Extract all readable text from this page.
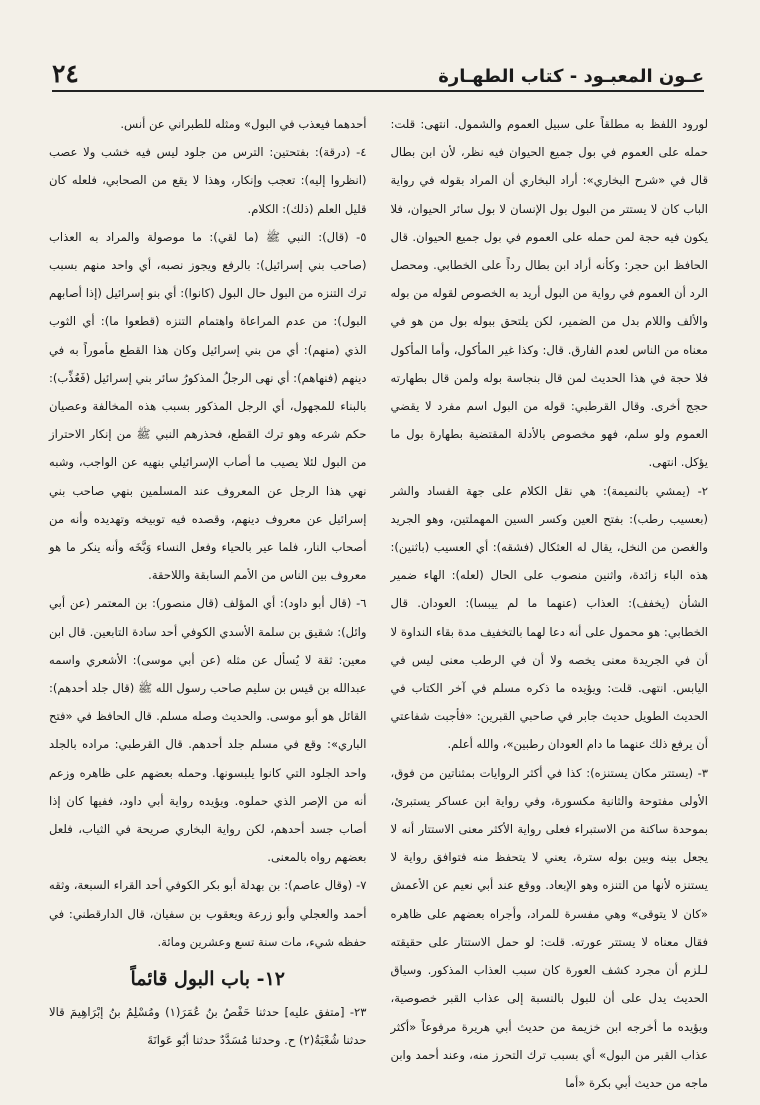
عـون المعبـود - كتاب الطهـارة
٢٤

لورود اللفظ به مطلقاً على سبيل العموم والشمول. انتهى: قلت: حمله على العموم في بول جميع الحيوان فيه نظر، لأن ابن بطال قال في «شرح البخاري»: أراد البخاري أن المراد بقوله في رواية الباب كان لا يستتر من البول بول الإنسان لا بول سائر الحيوان، فلا يكون فيه حجة لمن حمله على العموم في بول جميع الحيوان. قال الحافظ ابن حجر: وكأنه أراد ابن بطال رداً على الخطابي. ومحصل الرد أن العموم في رواية من البول أريد به الخصوص لقوله من بوله والألف واللام بدل من الضمير، لكن يلتحق ببوله بول من هو في معناه من الناس لعدم الفارق. قال: وكذا غير المأكول، وأما المأكول فلا حجة في هذا الحديث لمن قال بنجاسة بوله ولمن قال بطهارته حجج أخرى. وقال القرطبي: قوله من البول اسم مفرد لا يقضي العموم ولو سلم، فهو مخصوص بالأدلة المقتضية بطهارة بول ما يؤكل. انتهى.

٢- (يمشي بالنميمة): هي نقل الكلام على جهة الفساد والشر (بعسيب رطب): بفتح العين وكسر السين المهملتين، وهو الجريد والغصن من النخل، يقال له العثكال (فشقه): أي العسيب (باثنين): هذه الباء زائدة، واثنين منصوب على الحال (لعله): الهاء ضمير الشأن (يخفف): العذاب (عنهما ما لم ييبسا): العودان. قال الخطابي: هو محمول على أنه دعا لهما بالتخفيف مدة بقاء النداوة لا أن في الجريدة معنى يخصه ولا أن في الرطب معنى ليس في اليابس. انتهى. قلت: ويؤيده ما ذكره مسلم في آخر الكتاب في الحديث الطويل حديث جابر في صاحبي القبرين: «فأجبت شفاعتي أن يرفع ذلك عنهما ما دام العودان رطبين»، والله أعلم.

٣- (يستتر مكان يستنزه): كذا في أكثر الروايات بمثناتين من فوق، الأولى مفتوحة والثانية مكسورة، وفي رواية ابن عساكر يستبرئ، بموحدة ساكنة من الاستبراء فعلى رواية الأكثر معنى الاستتار أنه لا يجعل بينه وبين بوله سترة، يعني لا يتحفظ منه فتوافق رواية لا يستنزه لأنها من التنزه وهو الإبعاد. ووقع عند أبي نعيم عن الأعمش «كان لا يتوقى» وهي مفسرة للمراد، وأجراه بعضهم على ظاهره فقال معناه لا يستتر عورته. قلت: لو حمل الاستتار على حقيقته لـلزم أن مجرد كشف العورة كان سبب العذاب المذكور. وسياق الحديث يدل على أن للبول بالنسبة إلى عذاب القبر خصوصية، ويؤيده ما أخرجه ابن خزيمة من حديث أبي هريرة مرفوعاً «أكثر عذاب القبر من البول» أي بسبب ترك التحرز منه، وعند أحمد وابن ماجه من حديث أبي بكرة «أما

أحدهما فيعذب في البول» ومثله للطبراني عن أنس.

٤- (درقة): بفتحتين: الترس من جلود ليس فيه خشب ولا عصب (انظروا إليه): تعجب وإنكار، وهذا لا يقع من الصحابي، فلعله كان قليل العلم (ذلك): الكلام.

٥- (قال): النبي ﷺ (ما لقي): ما موصولة والمراد به العذاب (صاحب بني إسرائيل): بالرفع ويجوز نصبه، أي واحد منهم بسبب ترك التنزه من البول حال البول (كانوا): أي بنو إسرائيل (إذا أصابهم البول): من عدم المراعاة واهتمام التنزه (قطعوا ما): أي الثوب الذي (منهم): أي من بني إسرائيل وكان هذا القطع مأموراً به في دينهم (فنهاهم): أي نهى الرجلُ المذكورُ سائر بني إسرائيل (فَعُذِّب): بالبناء للمجهول، أي الرجل المذكور بسبب هذه المخالفة وعصيان حكم شرعه وهو ترك القطع، فحذرهم النبي ﷺ من إنكار الاحتراز من البول لئلا يصيب ما أصاب الإسرائيلي بنهيه عن الواجب، وشبه نهي هذا الرجل عن المعروف عند المسلمين بنهي صاحب بني إسرائيل عن معروف دينهم، وقصده فيه توبيخه وتهديده وأنه من أصحاب النار، فلما عير بالحياء وفعل النساء وَبَّخَه وأنه ينكر ما هو معروف بين الناس من الأمم السابقة واللاحقة.

٦- (قال أبو داود): أي المؤلف (قال منصور): بن المعتمر (عن أبي وائل): شقيق بن سلمة الأسدي الكوفي أحد سادة التابعين. قال ابن معين: ثقة لا يُسأل عن مثله (عن أبي موسى): الأشعري واسمه عبدالله بن قيس بن سليم صاحب رسول الله ﷺ (قال جلد أحدهم): القائل هو أبو موسى. والحديث وصله مسلم. قال الحافظ في «فتح الباري»: وقع في مسلم جلد أحدهم. قال القرطبي: مراده بالجلد واحد الجلود التي كانوا يلبسونها. وحمله بعضهم على ظاهره وزعم أنه من الإصر الذي حملوه. ويؤيده رواية أبي داود، ففيها كان إذا أصاب جسد أحدهم، لكن رواية البخاري صريحة في الثياب، فلعل بعضهم رواه بالمعنى.

٧- (وقال عاصم): بن بهدلة أبو بكر الكوفي أحد القراء السبعة، وثقه أحمد والعجلي وأبو زرعة ويعقوب بن سفيان، قال الدارقطني: في حفظه شيء، مات سنة تسع وعشرين ومائة.

١٢- باب البول قائماً

٢٣- [متفق عليه] حدثنا حَفْصُ بنُ عُمَرَ(١) ومُسْلِمُ بنُ إبْرَاهِيمَ قالا حدثنا شُعْبَةُ(٢) ح. وحدثنا مُسَدَّدٌ حدثنا أبُو عَوانَةَ
